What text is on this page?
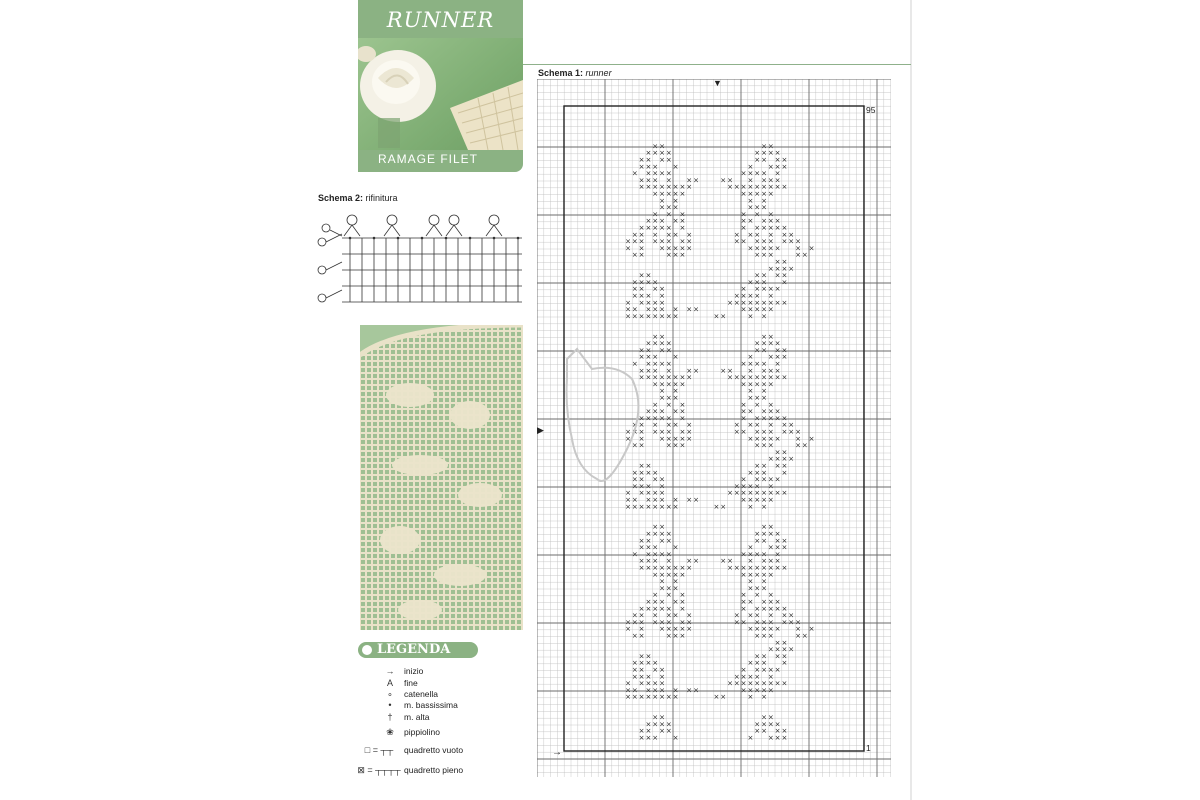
RUNNER
RAMAGE FILET
Schema 2: rifinitura
LEGENDA
→	inizio
A	fine
∘	catenella
•	m. bassissima
†	m. alta
❀	pippiolino
□ = ┬┬	quadretto vuoto
⊠ = ┬┬┬┬ quadretto pieno
Schema 1: runner
× ×	× ×
× × × ×	× × × ×
× × × ×	× × × ×
× × × ×	× × × ×
× × × × ×	× × × × ×
× × × × × ×	× × × × × ×
× × × × × × × ×	× × × × × × × × ×
× × × × ×	× × × × ×
× ×	× ×
× × ×	× × ×
× × ×	× × ×
× × × × ×	× × × × ×
× × × × × ×	× × × × × ×
× × × × × ×	× × × × × ×
× × × × × × × ×	× × × × × × × ×
× × × × × × ×	× × × × × × ×
× ×	× × ×	× × ×	× ×
× ×
× × × ×
× ×	× × × ×
× × × ×	× × × ×
× × × ×	× × × × ×
× × × ×	× × × × ×
× × × × ×	× × × × × × × × ×
× × × × × × × ×	× × × × ×
× × × × × × × ×	× ×	× ×
× ×	× ×
× × × ×	× × × ×
× × × ×	× × × ×
× × × ×	× × × ×
× × × × ×	× × × × ×
× × × × × ×	× × × × × ×
× × × × × × × ×	× × × × × × × × ×
× × × × ×	× × × × ×
× ×	× ×
× × ×	× × ×
× × ×	× × ×
× × × × ×	× × × × ×
× × × × × ×	× × × × × ×
× × × × × ×	× × × × × ×
× × × × × × × ×	× × × × × × × ×
× × × × × × ×	× × × × × × ×
× ×	× × ×	× × ×	× ×
× ×
× × × ×
× ×	× × × ×
× × × ×	× × × ×
× × × ×	× × × × ×
× × × ×	× × × × ×
× × × × ×	× × × × × × × × ×
× × × × × × × ×	× × × × ×
× × × × × × × ×	× ×	× ×
× ×	× ×
× × × ×	× × × ×
× × × ×	× × × ×
× × × ×	× × × ×
× × × × ×	× × × × ×
× × × × × ×	× × × × × ×
× × × × × × × ×	× × × × × × × × ×
× × × × ×	× × × × ×
× ×	× ×
× × ×	× × ×
× × ×	× × ×
× × × × ×	× × × × ×
× × × × × ×	× × × × × ×
× × × × × ×	× × × × × ×
× × × × × × × ×	× × × × × × × ×
× × × × × × ×	× × × × × × ×
× ×	× × ×	× × ×	× ×
× ×
× × × ×
× ×	× × × ×
× × × ×	× × × ×
× × × ×	× × × × ×
× × × ×	× × × × ×
× × × × ×	× × × × × × × × ×
× × × × × × × ×	× × × × ×
× × × × × × × ×	× ×	× ×
× ×	× ×
× × × ×	× × × ×
× × × ×	× × × ×
× × × ×	× × × ×
▼
▶
→
95
1
